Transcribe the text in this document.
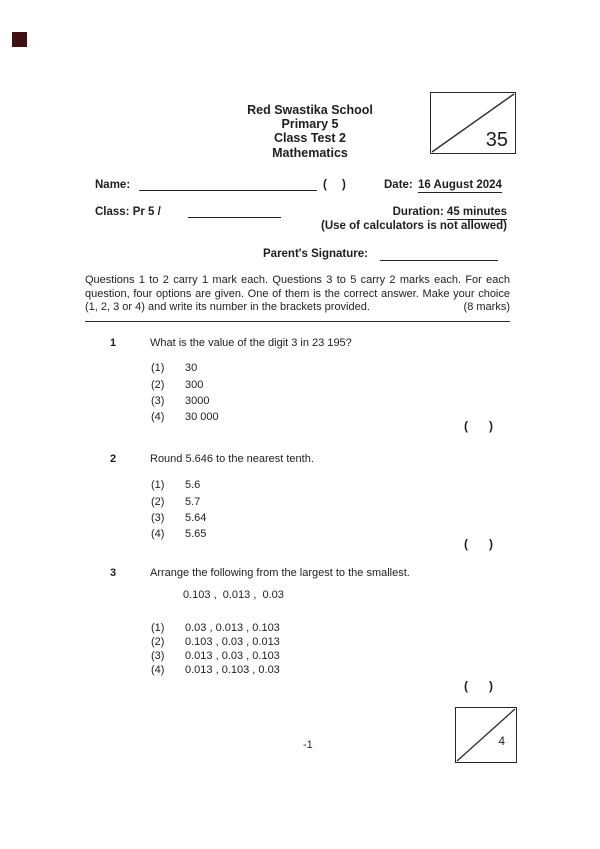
Red Swastika School
Primary 5
Class Test 2
Mathematics
35
Name:	( )	Date: 16 August 2024
Class: Pr 5 /	Duration: 45 minutes
(Use of calculators is not allowed)
Parent's Signature:
Questions 1 to 2 carry 1 mark each. Questions 3 to 5 carry 2 marks each. For each
question, four options are given. One of them is the correct answer. Make your choice
(1, 2, 3 or 4) and write its number in the brackets provided.	(8 marks)
1	What is the value of the digit 3 in 23 195?
(1) 30
(2) 300
(3) 3000
(4) 30 000
( )
2	Round 5.646 to the nearest tenth.
(1) 5.6
(2) 5.7
(3) 5.64
(4) 5.65
( )
3	Arrange the following from the largest to the smallest.
0.103 ,  0.013 ,  0.03
(1) 0.03 , 0.013 , 0.103
(2) 0.103 , 0.03 , 0.013
(3) 0.013 , 0.03 , 0.103
(4) 0.013 , 0.103 , 0.03
( )
4
-1
